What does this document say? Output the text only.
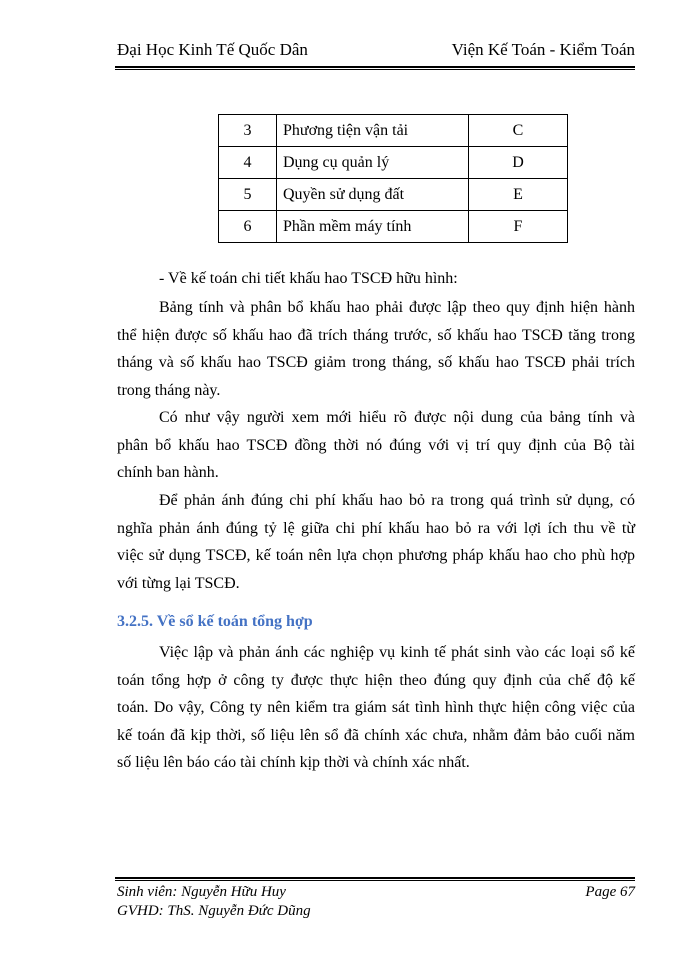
Đại Học Kinh Tế Quốc Dân	Viện Kế Toán - Kiểm Toán
3	Phương tiện vận tải	C
4	Dụng cụ quản lý	D
5	Quyền sử dụng đất	E
6	Phần mềm máy tính	F
- Về kế toán chi tiết khấu hao TSCĐ hữu hình:
Bảng tính và phân bổ khấu hao phải được lập theo quy định hiện hành
thể hiện được số khấu hao đã trích tháng trước, số khấu hao TSCĐ tăng trong
tháng và số khấu hao TSCĐ giảm trong tháng, số khấu hao TSCĐ phải trích
trong tháng này.
Có như vậy người xem mới hiểu rõ được nội dung của bảng tính và
phân bổ khấu hao TSCĐ đồng thời nó đúng với vị trí quy định của Bộ tài
chính ban hành.
Để phản ánh đúng chi phí khấu hao bỏ ra trong quá trình sử dụng, có
nghĩa phản ánh đúng tỷ lệ giữa chi phí khấu hao bỏ ra với lợi ích thu về từ
việc sử dụng TSCĐ, kế toán nên lựa chọn phương pháp khấu hao cho phù hợp
với từng lại TSCĐ.
3.2.5. Về sổ kế toán tổng hợp
Việc lập và phản ánh các nghiệp vụ kinh tế phát sinh vào các loại sổ kế
toán tổng hợp ở công ty được thực hiện theo đúng quy định của chế độ kế
toán. Do vậy, Công ty nên kiểm tra giám sát tình hình thực hiện công việc của
kế toán đã kịp thời, số liệu lên sổ đã chính xác chưa, nhằm đảm bảo cuối năm
số liệu lên báo cáo tài chính kịp thời và chính xác nhất.
Sinh viên: Nguyễn Hữu Huy	Page 67
GVHD: ThS. Nguyễn Đức Dũng
